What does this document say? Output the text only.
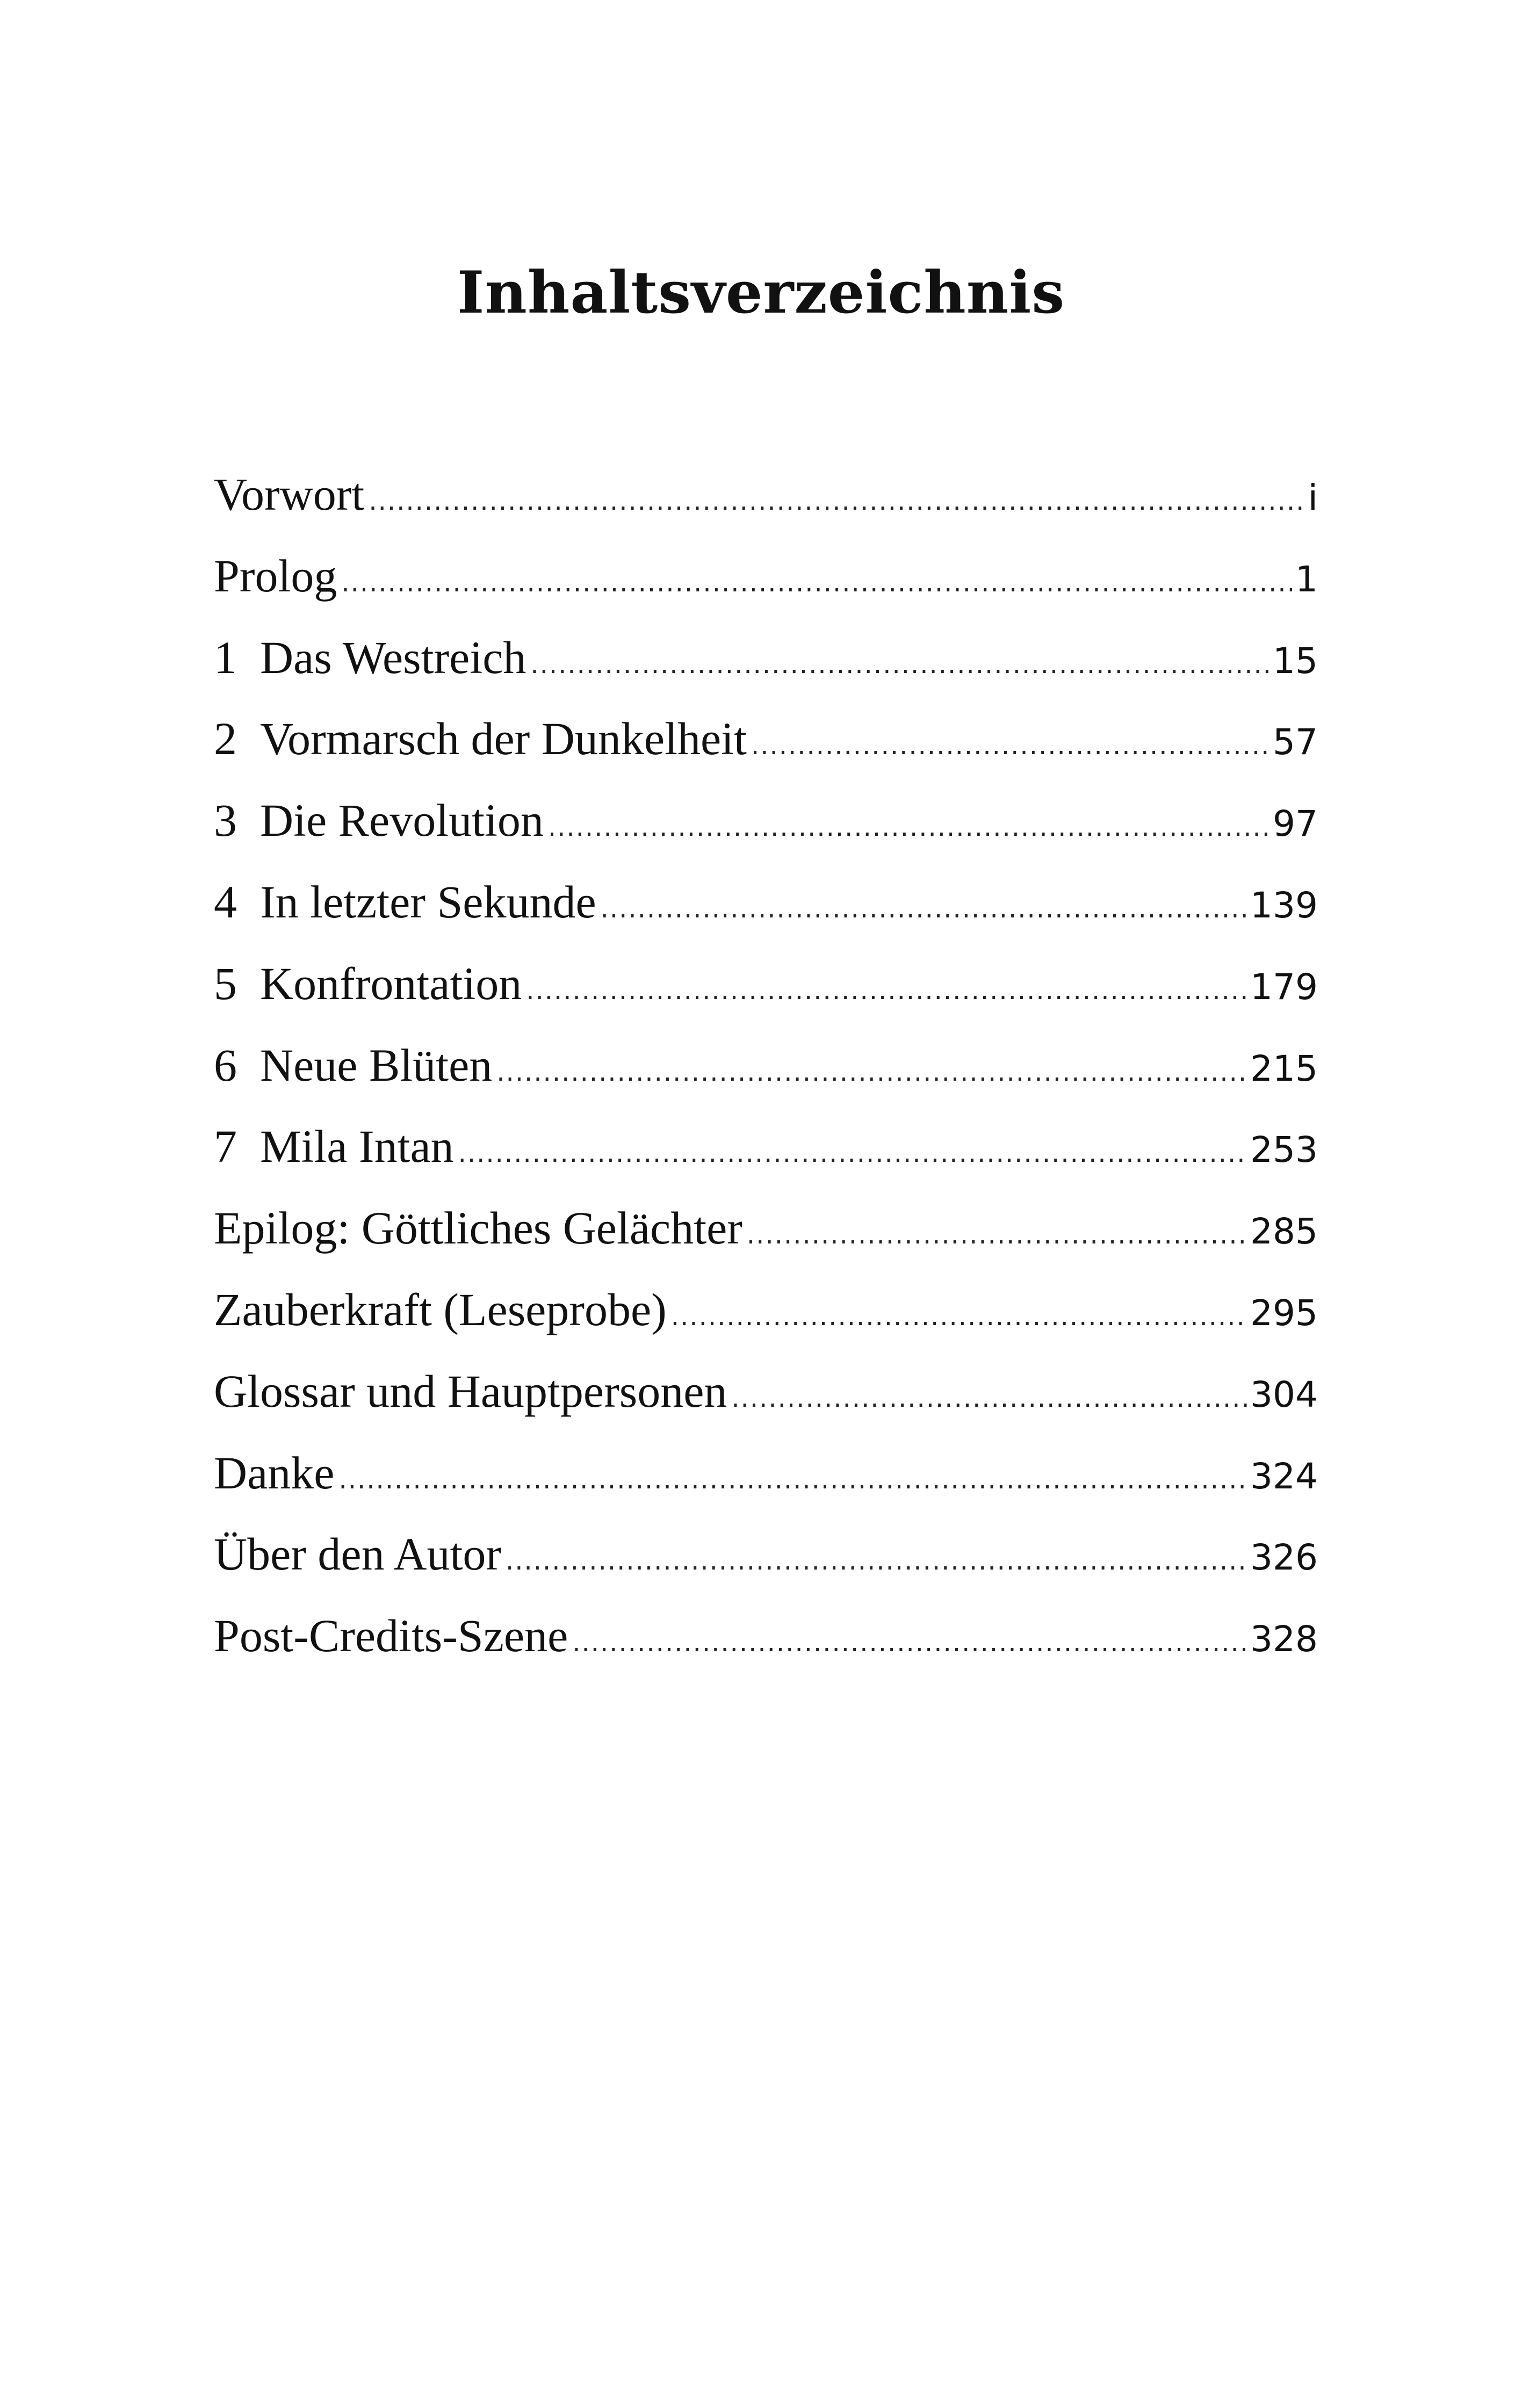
Inhaltsverzeichnis
Vorwort .....	i
Prolog .....	1
1 Das Westreich .....	15
2 Vormarsch der Dunkelheit .....	57
3 Die Revolution .....	97
4 In letzter Sekunde .....	139
5 Konfrontation .....	179
6 Neue Blüten .....	215
7 Mila Intan .....	253
Epilog: Göttliches Gelächter .....	285
Zauberkraft (Leseprobe) .....	295
Glossar und Hauptpersonen .....	304
Danke .....	324
Über den Autor .....	326
Post-Credits-Szene .....	328
